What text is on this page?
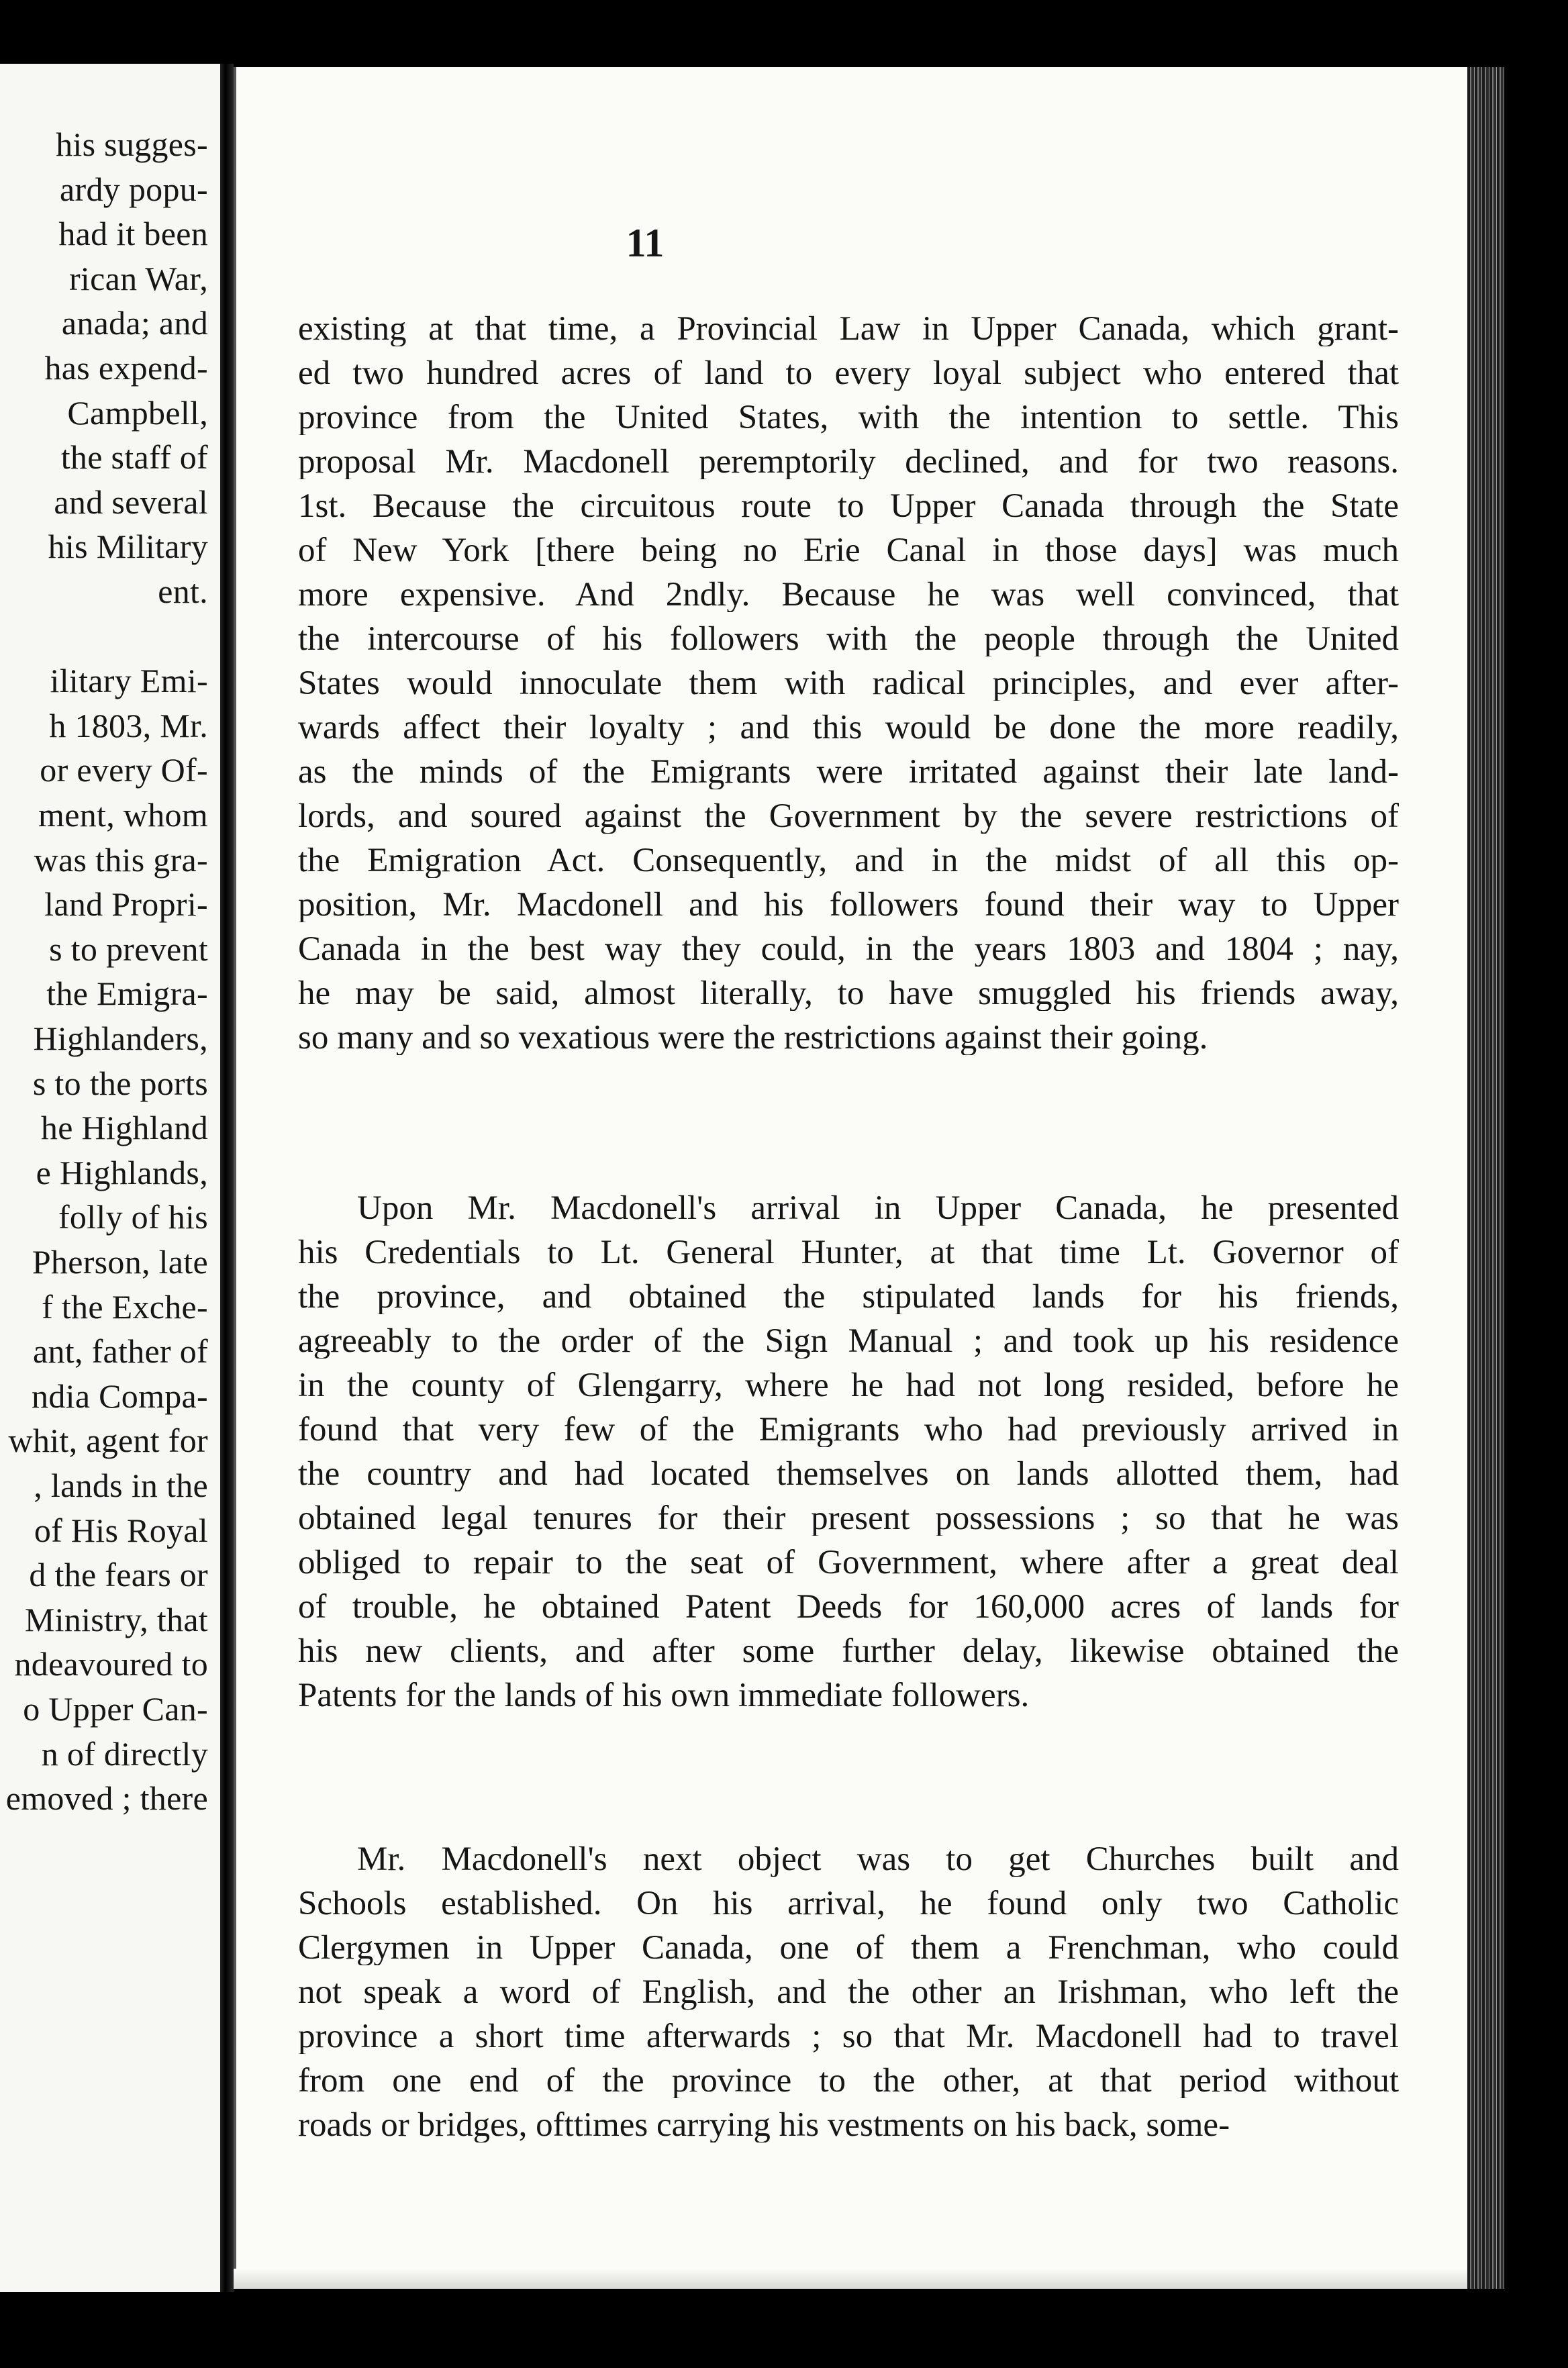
his sugges-
ardy popu-
had it been
rican War,
anada; and
has expend-
Campbell,
the staff of
and several
his Military
ent.
ilitary Emi-
h 1803, Mr.
or every Of-
ment, whom
was this gra-
land Propri-
s to prevent
the Emigra-
Highlanders,
s to the ports
he Highland
e Highlands,
folly of his
Pherson, late
f the Exche-
ant, father of
ndia Compa-
whit, agent for
, lands in the
of His Royal
d the fears or
Ministry, that
ndeavoured to
o Upper Can-
n of directly
emoved ; there
11
existing at that time, a Provincial Law in Upper Canada, which grant-
ed two hundred acres of land to every loyal subject who entered that
province from the United States, with the intention to settle. This
proposal Mr. Macdonell peremptorily declined, and for two reasons.
1st. Because the circuitous route to Upper Canada through the State
of New York [there being no Erie Canal in those days] was much
more expensive. And 2ndly. Because he was well convinced, that
the intercourse of his followers with the people through the United
States would innoculate them with radical principles, and ever after-
wards affect their loyalty ; and this would be done the more readily,
as the minds of the Emigrants were irritated against their late land-
lords, and soured against the Government by the severe restrictions of
the Emigration Act. Consequently, and in the midst of all this op-
position, Mr. Macdonell and his followers found their way to Upper
Canada in the best way they could, in the years 1803 and 1804 ; nay,
he may be said, almost literally, to have smuggled his friends away,
so many and so vexatious were the restrictions against their going.
Upon Mr. Macdonell's arrival in Upper Canada, he presented
his Credentials to Lt. General Hunter, at that time Lt. Governor of
the province, and obtained the stipulated lands for his friends,
agreeably to the order of the Sign Manual ; and took up his residence
in the county of Glengarry, where he had not long resided, before he
found that very few of the Emigrants who had previously arrived in
the country and had located themselves on lands allotted them, had
obtained legal tenures for their present possessions ; so that he was
obliged to repair to the seat of Government, where after a great deal
of trouble, he obtained Patent Deeds for 160,000 acres of lands for
his new clients, and after some further delay, likewise obtained the
Patents for the lands of his own immediate followers.
Mr. Macdonell's next object was to get Churches built and
Schools established. On his arrival, he found only two Catholic
Clergymen in Upper Canada, one of them a Frenchman, who could
not speak a word of English, and the other an Irishman, who left the
province a short time afterwards ; so that Mr. Macdonell had to travel
from one end of the province to the other, at that period without
roads or bridges, ofttimes carrying his vestments on his back, some-
